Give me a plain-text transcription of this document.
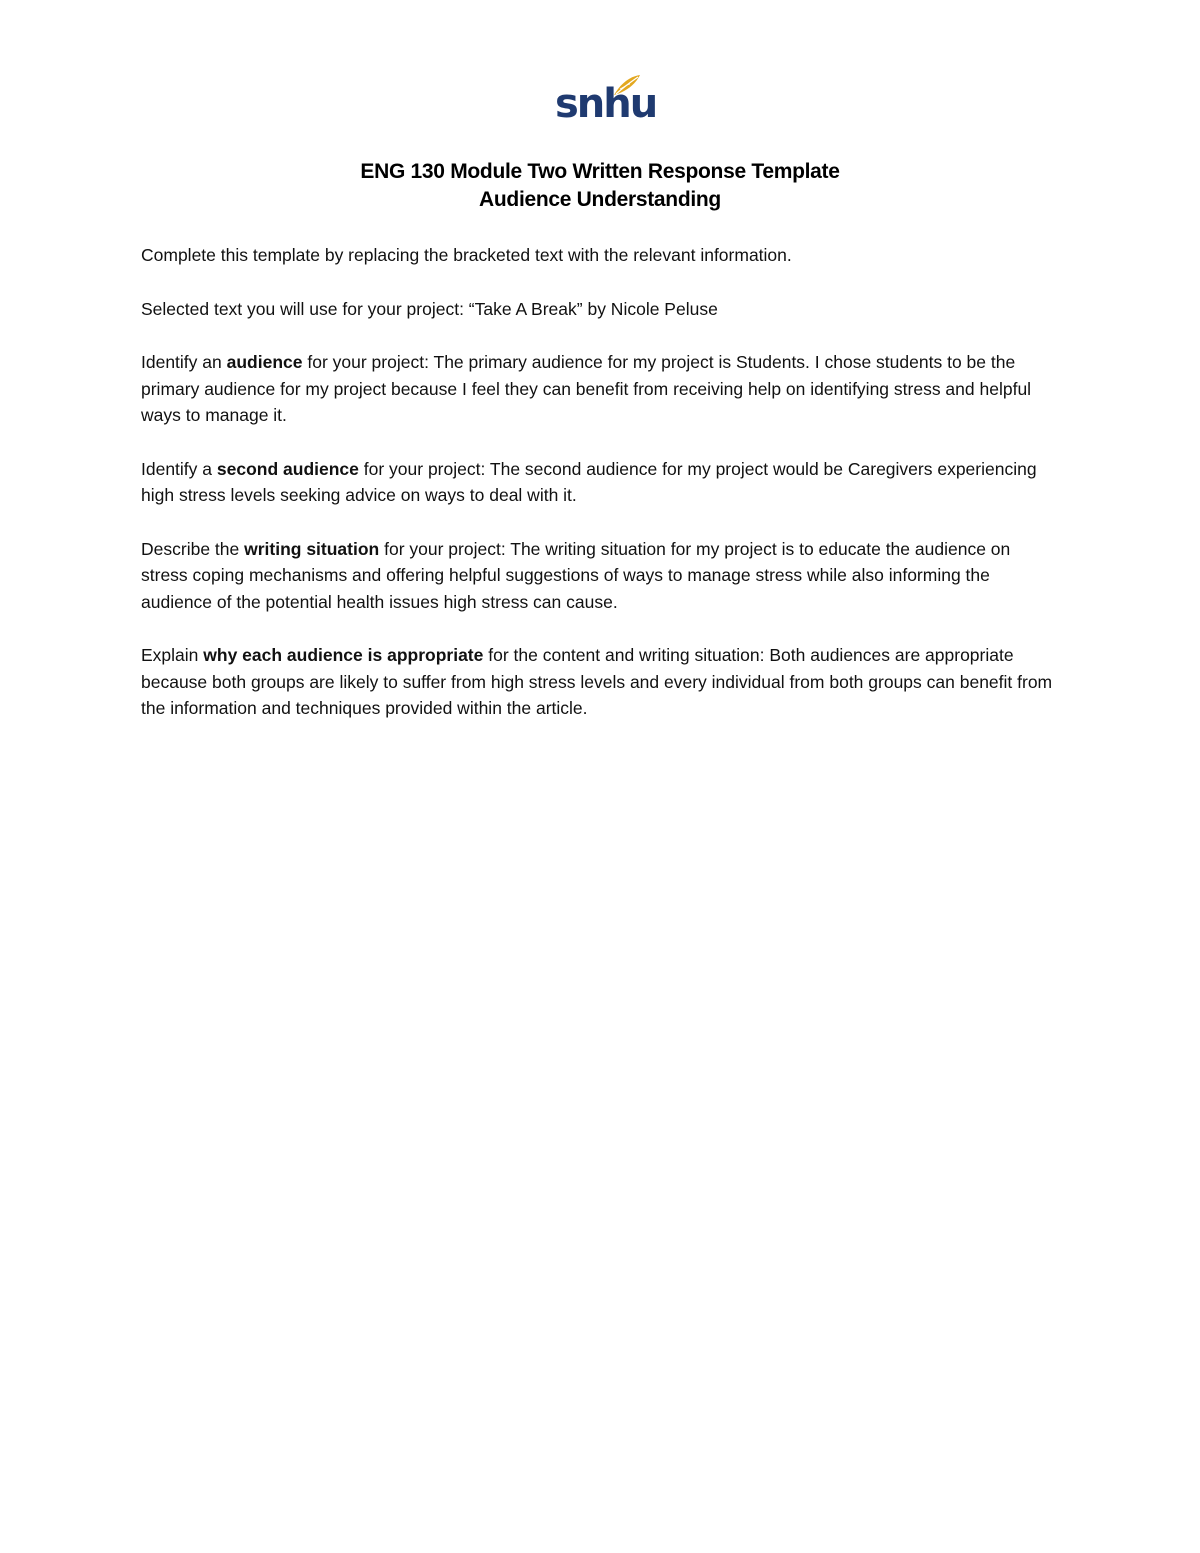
snhu
ENG 130 Module Two Written Response Template
Audience Understanding

Complete this template by replacing the bracketed text with the relevant information.

Selected text you will use for your project: “Take A Break” by Nicole Peluse

Identify an audience for your project: The primary audience for my project is Students. I chose students to be the primary audience for my project because I feel they can benefit from receiving help on identifying stress and helpful ways to manage it.

Identify a second audience for your project: The second audience for my project would be Caregivers experiencing high stress levels seeking advice on ways to deal with it.

Describe the writing situation for your project: The writing situation for my project is to educate the audience on stress coping mechanisms and offering helpful suggestions of ways to manage stress while also informing the audience of the potential health issues high stress can cause.

Explain why each audience is appropriate for the content and writing situation: Both audiences are appropriate because both groups are likely to suffer from high stress levels and every individual from both groups can benefit from the information and techniques provided within the article.
